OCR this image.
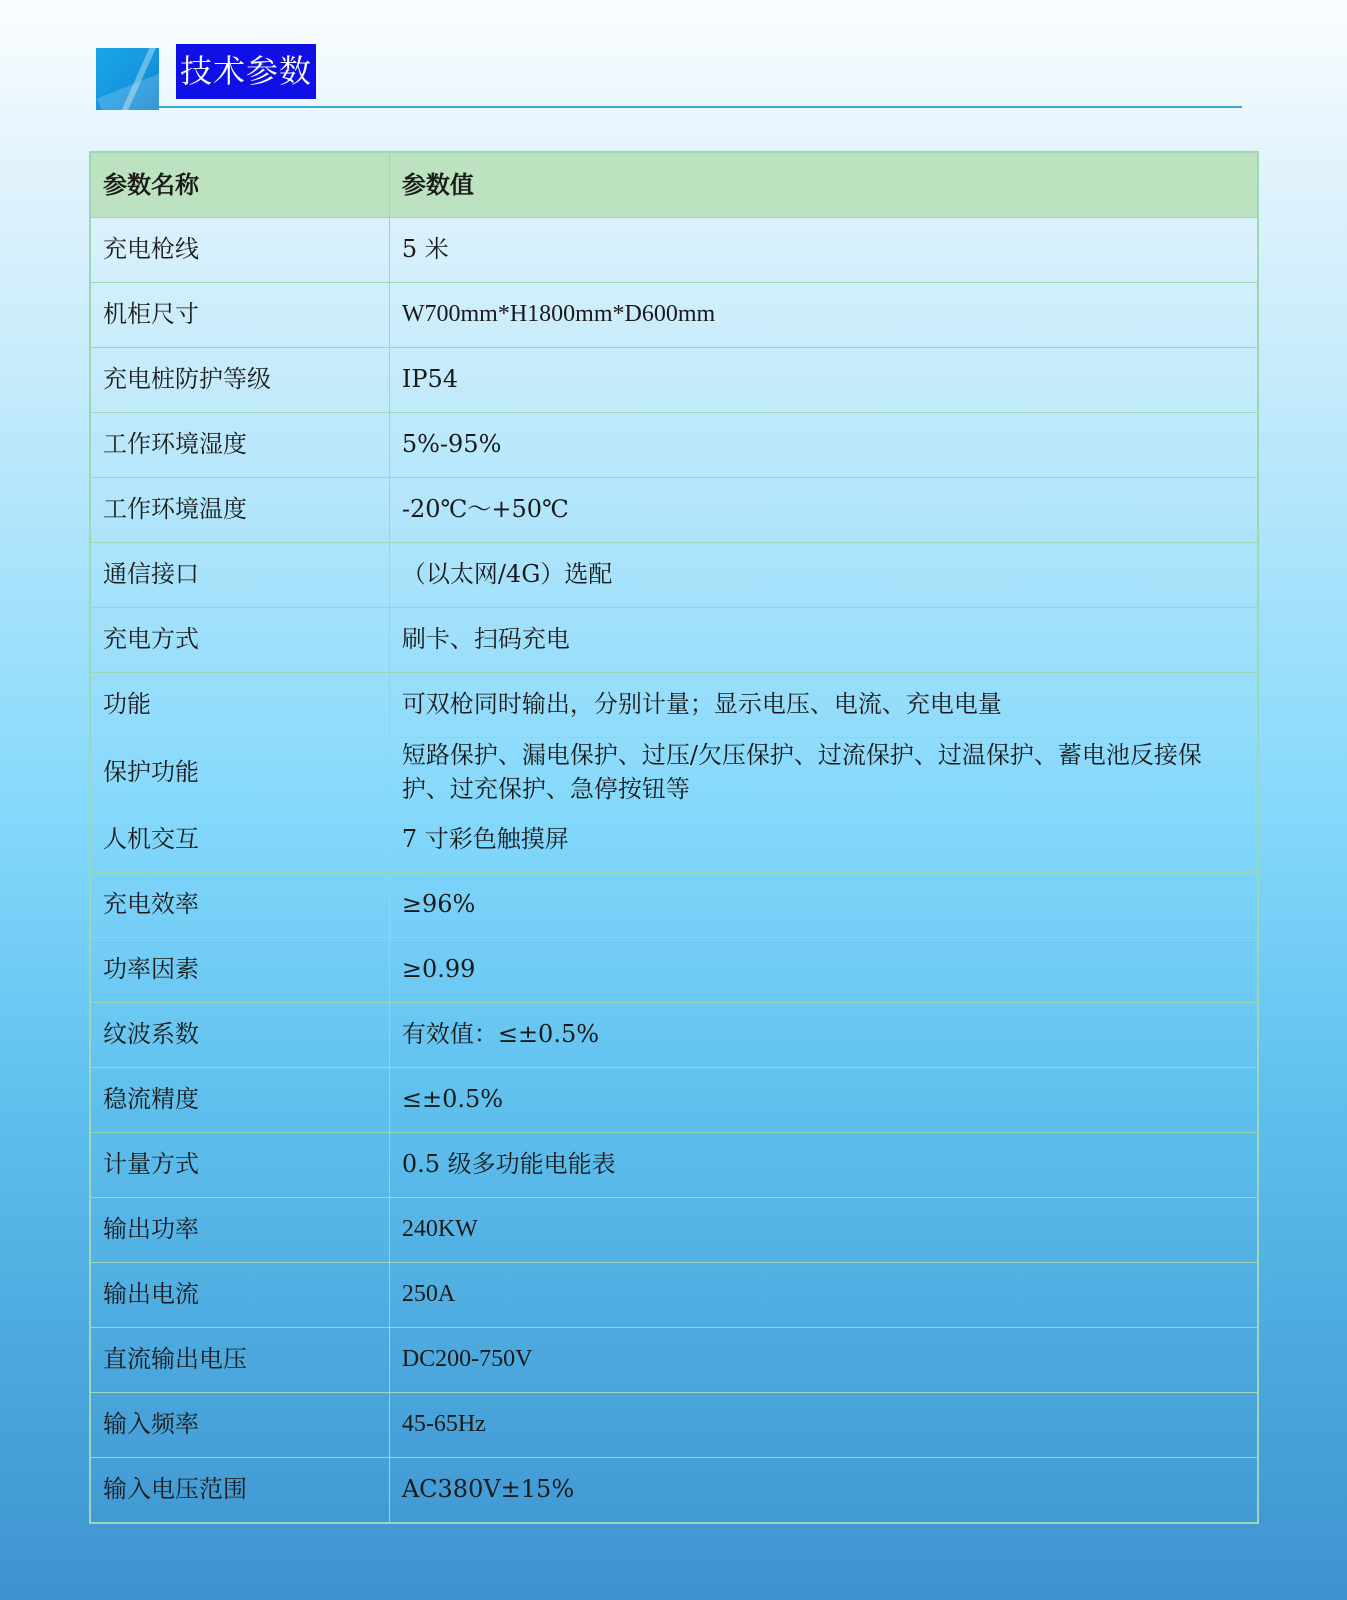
技术参数
参数名称	参数值
充电枪线	5 米
机柜尺寸	W700mm*H1800mm*D600mm
充电桩防护等级	IP54
工作环境湿度	5%-95%
工作环境温度	-20℃～+50℃
通信接口	（以太网/4G）选配
充电方式	刷卡、扫码充电
功能	可双枪同时输出，分别计量；显示电压、电流、充电电量
保护功能	短路保护、漏电保护、过压/欠压保护、过流保护、过温保护、蓄电池反接保护、过充保护、急停按钮等
人机交互	7 寸彩色触摸屏
充电效率	≥96%
功率因素	≥0.99
纹波系数	有效值：≤±0.5%
稳流精度	≤±0.5%
计量方式	0.5 级多功能电能表
输出功率	240KW
输出电流	250A
直流输出电压	DC200-750V
输入频率	45-65Hz
输入电压范围	AC380V±15%
